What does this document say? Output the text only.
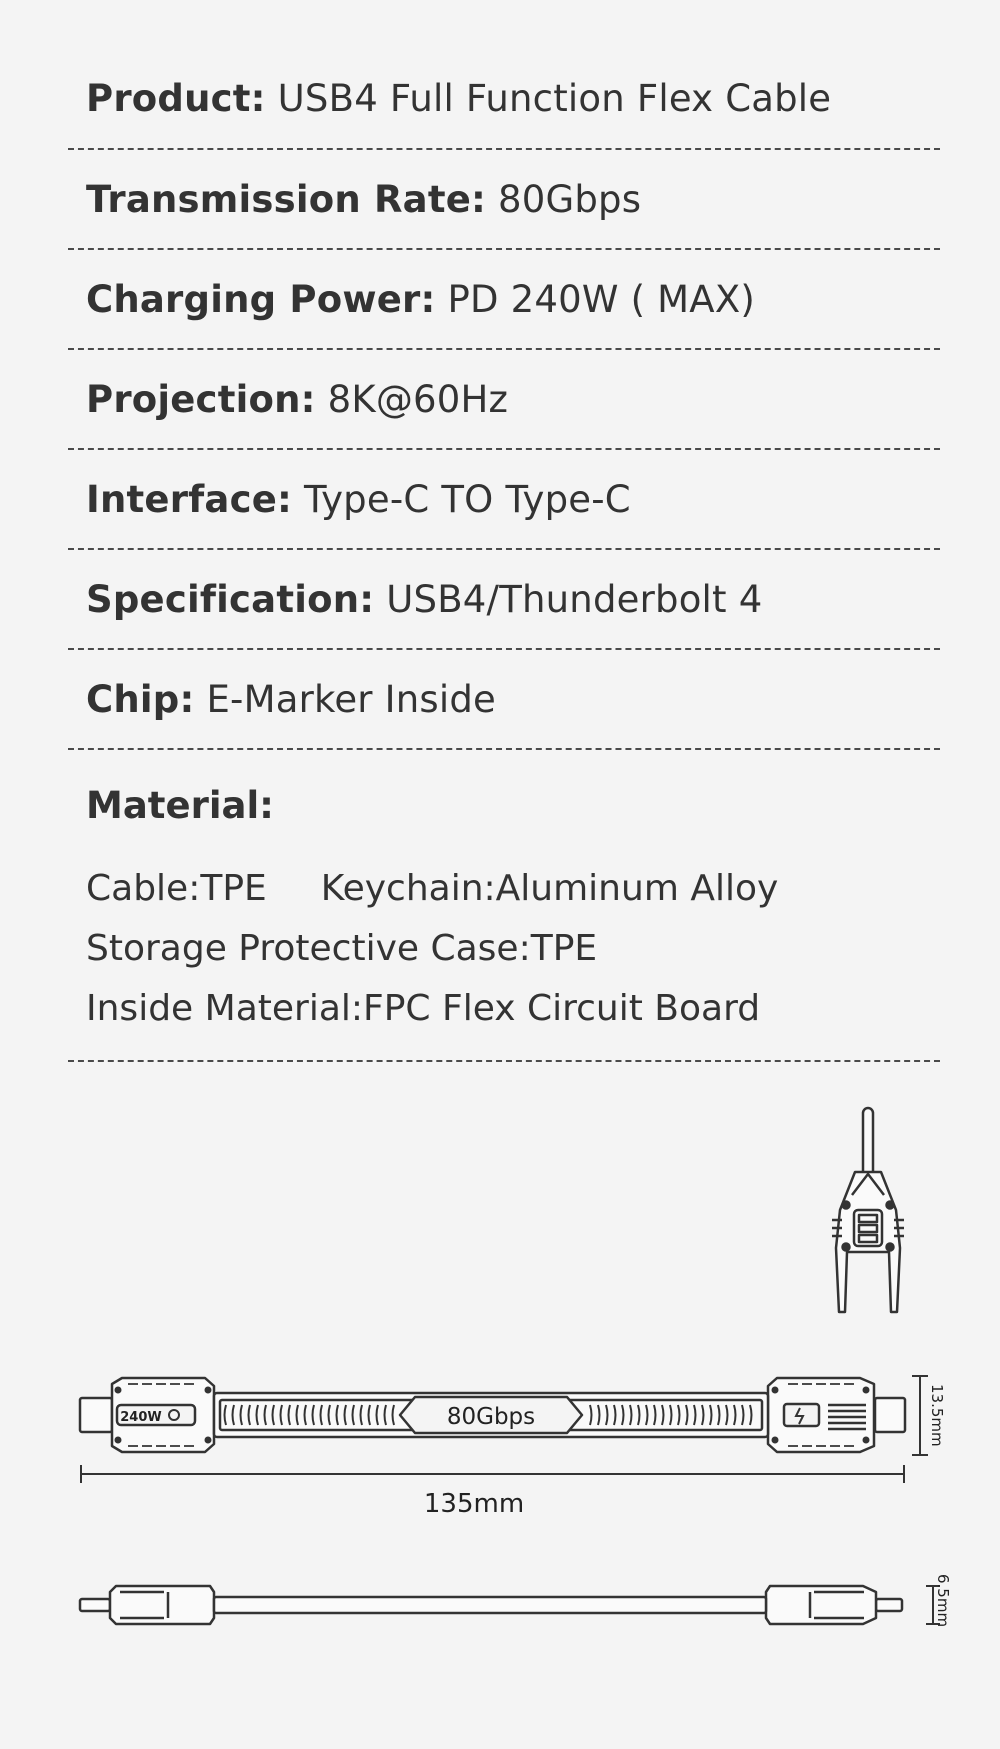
Product: USB4 Full Function Flex Cable
Transmission Rate: 80Gbps
Charging Power: PD 240W ( MAX)
Projection: 8K@60Hz
Interface: Type-C TO Type-C
Specification: USB4/Thunderbolt 4
Chip: E-Marker Inside
Material:
Cable:TPE Keychain:Aluminum Alloy
Storage Protective Case:TPE
Inside Material:FPC Flex Circuit Board
240W	80Gbps	13.5mm
135mm
6.5mm
